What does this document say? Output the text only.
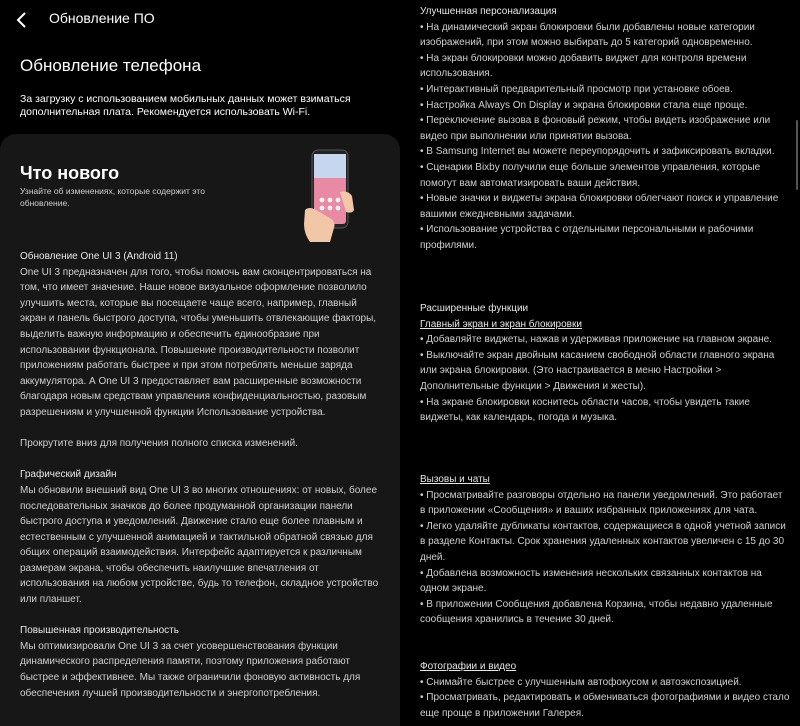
Обновление ПО
Обновление телефона
За загрузку с использованием мобильных данных может взиматься дополнительная плата. Рекомендуется использовать Wi-Fi.
Что нового
Узнайте об изменениях, которые содержит это обновление.
Обновление One UI 3 (Android 11)
One UI 3 предназначен для того, чтобы помочь вам сконцентрироваться на том, что имеет значение. Наше новое визуальное оформление позволило улучшить места, которые вы посещаете чаще всего, например, главный экран и панель быстрого доступа, чтобы уменьшить отвлекающие факторы, выделить важную информацию и обеспечить единообразие при использовании функционала. Повышение производительности позволит приложениям работать быстрее и при этом потреблять меньше заряда аккумулятора. А One UI 3 предоставляет вам расширенные возможности благодаря новым средствам управления конфиденциальностью, разовым разрешениям и улучшенной функции Использование устройства.
Прокрутите вниз для получения полного списка изменений.
Графический дизайн
Мы обновили внешний вид One UI 3 во многих отношениях: от новых, более последовательных значков до более продуманной организации панели быстрого доступа и уведомлений. Движение стало еще более плавным и естественным с улучшенной анимацией и тактильной обратной связью для общих операций взаимодействия. Интерфейс адаптируется к различным размерам экрана, чтобы обеспечить наилучшие впечатления от использования на любом устройстве, будь то телефон, складное устройство или планшет.
Повышенная производительность
Мы оптимизировали One UI 3 за счет усовершенствования функции динамического распределения памяти, поэтому приложения работают быстрее и эффективнее. Мы также ограничили фоновую активность для обеспечения лучшей производительности и энергопотребления.
Улучшенная персонализация
• На динамический экран блокировки были добавлены новые категории изображений, при этом можно выбирать до 5 категорий одновременно.
• На экран блокировки можно добавить виджет для контроля времени использования.
• Интерактивный предварительный просмотр при установке обоев.
• Настройка Always On Display и экрана блокировки стала еще проще.
• Переключение вызова в фоновый режим, чтобы видеть изображение или видео при выполнении или принятии вызова.
• В Samsung Internet вы можете переупорядочить и зафиксировать вкладки.
• Сценарии Bixby получили еще больше элементов управления, которые помогут вам автоматизировать ваши действия.
• Новые значки и виджеты экрана блокировки облегчают поиск и управление вашими ежедневными задачами.
• Использование устройства с отдельными персональными и рабочими профилями.
Расширенные функции
Главный экран и экран блокировки
• Добавляйте виджеты, нажав и удерживая приложение на главном экране.
• Выключайте экран двойным касанием свободной области главного экрана или экрана блокировки. (Это настраивается в меню Настройки > Дополнительные функции > Движения и жесты).
• На экране блокировки коснитесь области часов, чтобы увидеть такие виджеты, как календарь, погода и музыка.
Вызовы и чаты
• Просматривайте разговоры отдельно на панели уведомлений. Это работает в приложении «Сообщения» и ваших избранных приложениях для чата.
• Легко удаляйте дубликаты контактов, содержащиеся в одной учетной записи в разделе Контакты. Срок хранения удаленных контактов увеличен с 15 до 30 дней.
• Добавлена возможность изменения нескольких связанных контактов на одном экране.
• В приложении Сообщения добавлена Корзина, чтобы недавно удаленные сообщения хранились в течение 30 дней.
Фотографии и видео
• Снимайте быстрее с улучшенным автофокусом и автоэкспозицией.
• Просматривать, редактировать и обмениваться фотографиями и видео стало еще проще в приложении Галерея.
